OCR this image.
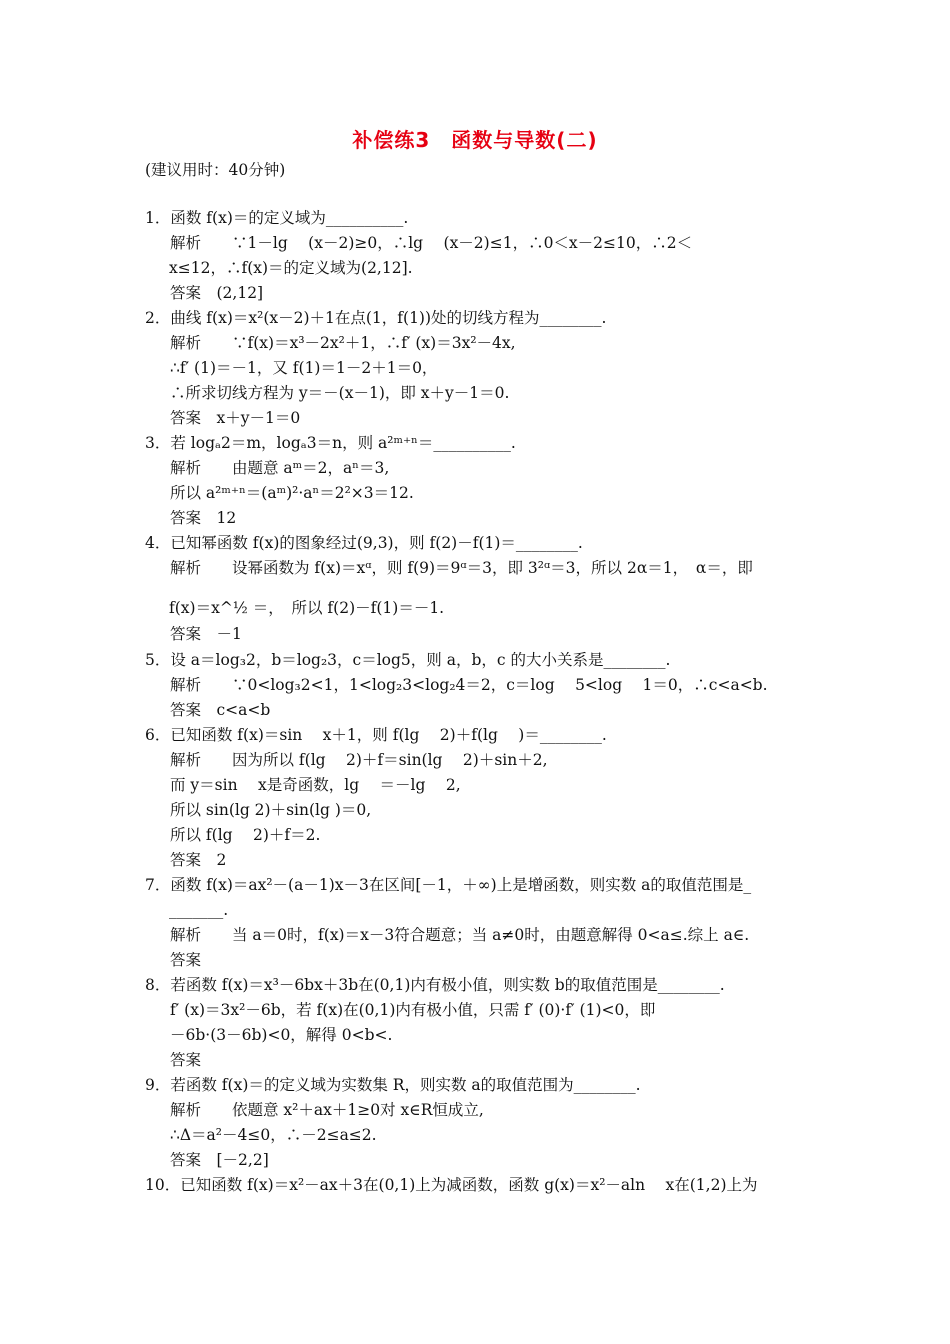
补偿练3　函数与导数(二)
(建议用时：40分钟)
1．函数 f(x)＝的定义域为__________.
解析　　∵1－lg　 (x－2)≥0，∴lg　 (x－2)≤1，∴0＜x－2≤10，∴2＜
x≤12，∴f(x)＝的定义域为(2,12].
答案　(2,12]
2．曲线 f(x)＝x²(x－2)＋1在点(1，f(1))处的切线方程为________.
解析　　∵f(x)＝x³－2x²＋1，∴f′ (x)＝3x²－4x,
∴f′ (1)＝－1，又 f(1)＝1－2＋1＝0，
∴所求切线方程为 y＝－(x－1)，即 x＋y－1＝0.
答案　x＋y－1＝0
3．若 logₐ2＝m，logₐ3＝n，则 a²ᵐ⁺ⁿ＝__________.
解析　　由题意 aᵐ＝2，aⁿ＝3,
所以 a²ᵐ⁺ⁿ＝(aᵐ)²·aⁿ＝2²×3＝12.
答案　12
4．已知幂函数 f(x)的图象经过(9,3)，则 f(2)－f(1)＝________.
解析　　设幂函数为 f(x)＝xᵅ，则 f(9)＝9ᵅ＝3，即 3²ᵅ＝3，所以 2α＝1，　α＝，即
f(x)＝x^½ ＝，　所以 f(2)－f(1)＝－1.
答案　－1
5．设 a＝log₃2，b＝log₂3，c＝log5，则 a，b，c 的大小关系是________.
解析　　∵0<log₃2<1，1<log₂3<log₂4＝2，c＝log　 5<log　 1＝0，∴c<a<b.
答案　c<a<b
6．已知函数 f(x)＝sin　 x＋1，则 f(lg　 2)＋f(lg　 )＝________.
解析　　因为所以 f(lg　 2)＋f＝sin(lg　 2)＋sin＋2,
而 y＝sin　 x是奇函数，lg　 ＝－lg　 2,
所以 sin(lg 2)＋sin(lg )＝0,
所以 f(lg　 2)＋f＝2.
答案　2
7．函数 f(x)＝ax²－(a－1)x－3在区间[－1，＋∞)上是增函数，则实数 a的取值范围是_
_______.
解析　　当 a＝0时，f(x)＝x－3符合题意；当 a≠0时，由题意解得 0<a≤.综上 a∈.
答案
8．若函数 f(x)＝x³－6bx＋3b在(0,1)内有极小值，则实数 b的取值范围是________.
f′ (x)＝3x²－6b，若 f(x)在(0,1)内有极小值，只需 f′ (0)·f′ (1)<0，即
－6b·(3－6b)<0，解得 0<b<.
答案
9．若函数 f(x)＝的定义域为实数集 R，则实数 a的取值范围为________.
解析　　依题意 x²＋ax＋1≥0对 x∈R恒成立,
∴Δ＝a²－4≤0，∴－2≤a≤2.
答案　[－2,2]
10．已知函数 f(x)＝x²－ax＋3在(0,1)上为减函数，函数 g(x)＝x²－aln　 x在(1,2)上为
